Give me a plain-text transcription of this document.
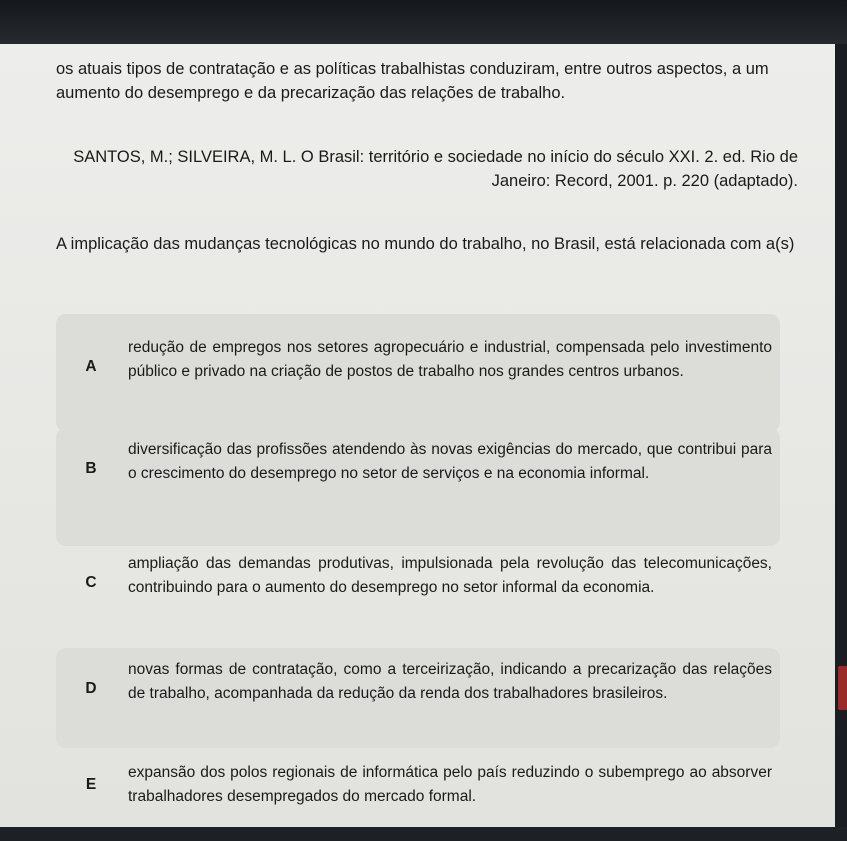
os atuais tipos de contratação e as políticas trabalhistas conduziram, entre outros aspectos, a um aumento do desemprego e da precarização das relações de trabalho.

SANTOS, M.; SILVEIRA, M. L. O Brasil: território e sociedade no início do século XXI. 2. ed. Rio de Janeiro: Record, 2001. p. 220 (adaptado).

A implicação das mudanças tecnológicas no mundo do trabalho, no Brasil, está relacionada com a(s)

A

redução de empregos nos setores agropecuário e industrial, compensada pelo investimento público e privado na criação de postos de trabalho nos grandes centros urbanos.

B

diversificação das profissões atendendo às novas exigências do mercado, que contribui para o crescimento do desemprego no setor de serviços e na economia informal.

C

ampliação das demandas produtivas, impulsionada pela revolução das telecomunicações, contribuindo para o aumento do desemprego no setor informal da economia.

D

novas formas de contratação, como a terceirização, indicando a precarização das relações de trabalho, acompanhada da redução da renda dos trabalhadores brasileiros.

E

expansão dos polos regionais de informática pelo país reduzindo o subemprego ao absorver trabalhadores desempregados do mercado formal.
